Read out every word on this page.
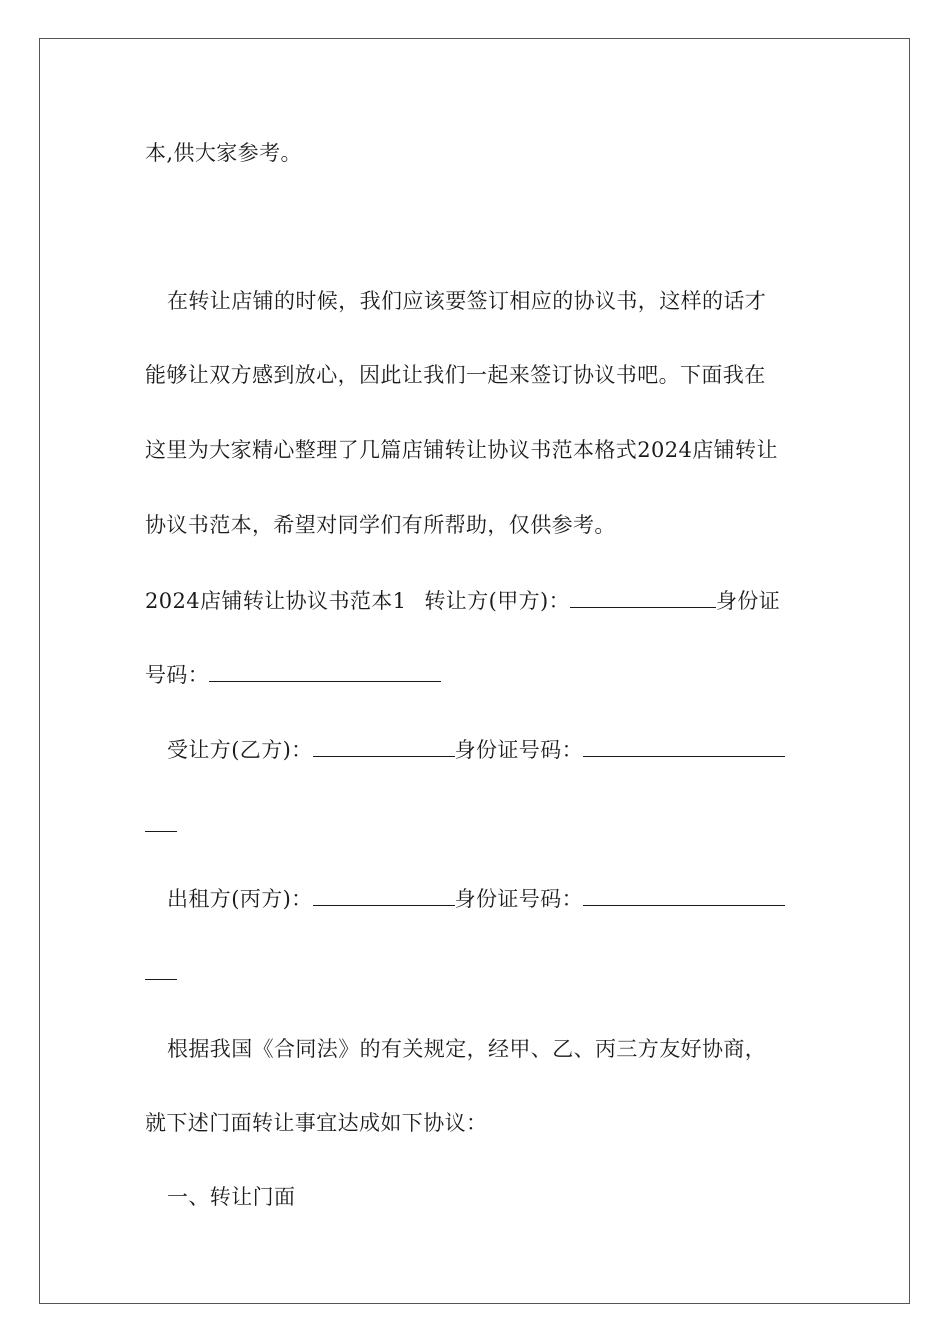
本,供大家参考。
在转让店铺的时候，我们应该要签订相应的协议书，这样的话才
能够让双方感到放心，因此让我们一起来签订协议书吧。下面我在
这里为大家精心整理了几篇店铺转让协议书范本格式2024店铺转让
协议书范本，希望对同学们有所帮助，仅供参考。
2024店铺转让协议书范本1 转让方(甲方)：	身份证
号码：
受让方(乙方)：	身份证号码：
出租方(丙方)：	身份证号码：
根据我国《合同法》的有关规定，经甲、乙、丙三方友好协商，
就下述门面转让事宜达成如下协议：
一、转让门面
